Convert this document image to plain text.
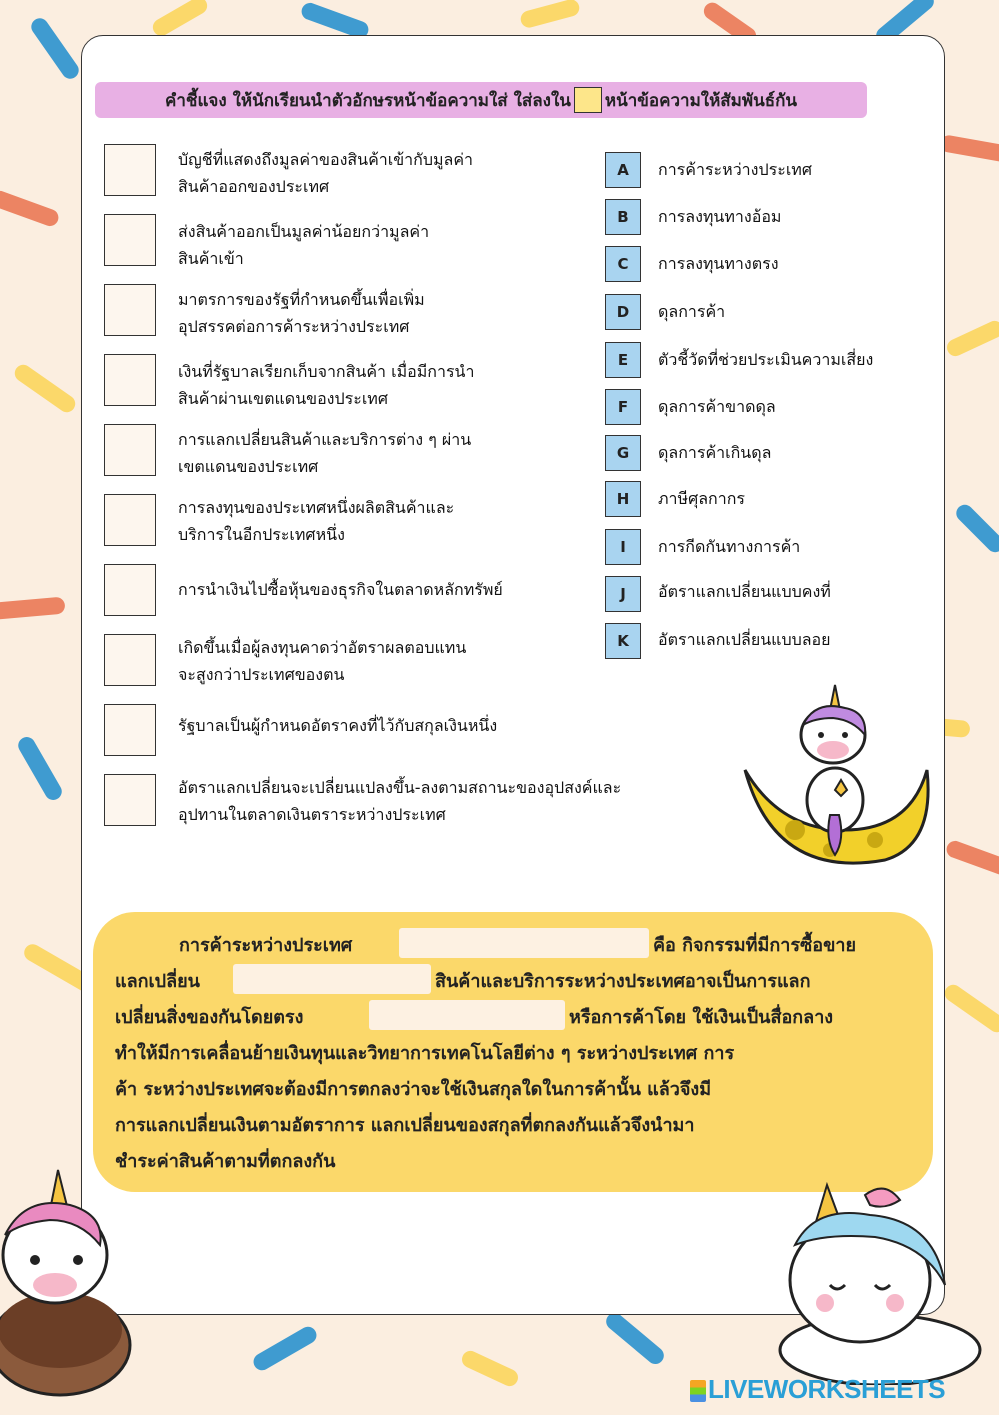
คำชี้แจง ให้นักเรียนนำตัวอักษรหน้าข้อความใส่ ใส่ลงใน หน้าข้อความให้สัมพันธ์กัน
บัญชีที่แสดงถึงมูลค่าของสินค้าเข้ากับมูลค่า
สินค้าออกของประเทศ
ส่งสินค้าออกเป็นมูลค่าน้อยกว่ามูลค่า
สินค้าเข้า
มาตรการของรัฐที่กำหนดขึ้นเพื่อเพิ่ม
อุปสรรคต่อการค้าระหว่างประเทศ
เงินที่รัฐบาลเรียกเก็บจากสินค้า เมื่อมีการนำ
สินค้าผ่านเขตแดนของประเทศ
การแลกเปลี่ยนสินค้าและบริการต่าง ๆ ผ่าน
เขตแดนของประเทศ
การลงทุนของประเทศหนึ่งผลิตสินค้าและ
บริการในอีกประเทศหนึ่ง
การนำเงินไปซื้อหุ้นของธุรกิจในตลาดหลักทรัพย์
เกิดขึ้นเมื่อผู้ลงทุนคาดว่าอัตราผลตอบแทน
จะสูงกว่าประเทศของตน
รัฐบาลเป็นผู้กำหนดอัตราคงที่ไว้กับสกุลเงินหนึ่ง
อัตราแลกเปลี่ยนจะเปลี่ยนแปลงขึ้น-ลงตามสถานะของอุปสงค์และ
อุปทานในตลาดเงินตราระหว่างประเทศ
A	การค้าระหว่างประเทศ
B	การลงทุนทางอ้อม
C	การลงทุนทางตรง
D	ดุลการค้า
E	ตัวชี้วัดที่ช่วยประเมินความเสี่ยง
F	ดุลการค้าขาดดุล
G	ดุลการค้าเกินดุล
H	ภาษีศุลกากร
I	การกีดกันทางการค้า
J	อัตราแลกเปลี่ยนแบบคงที่
K	อัตราแลกเปลี่ยนแบบลอย
การค้าระหว่างประเทศ	คือ กิจกรรมที่มีการซื้อขาย
แลกเปลี่ยน	สินค้าและบริการระหว่างประเทศอาจเป็นการแลก
เปลี่ยนสิ่งของกันโดยตรง	หรือการค้าโดย ใช้เงินเป็นสื่อกลาง
ทำให้มีการเคลื่อนย้ายเงินทุนและวิทยาการเทคโนโลยีต่าง ๆ ระหว่างประเทศ การ
ค้า ระหว่างประเทศจะต้องมีการตกลงว่าจะใช้เงินสกุลใดในการค้านั้น แล้วจึงมี
การแลกเปลี่ยนเงินตามอัตราการ แลกเปลี่ยนของสกุลที่ตกลงกันแล้วจึงนำมา
ชำระค่าสินค้าตามที่ตกลงกัน
LIVEWORKSHEETS
